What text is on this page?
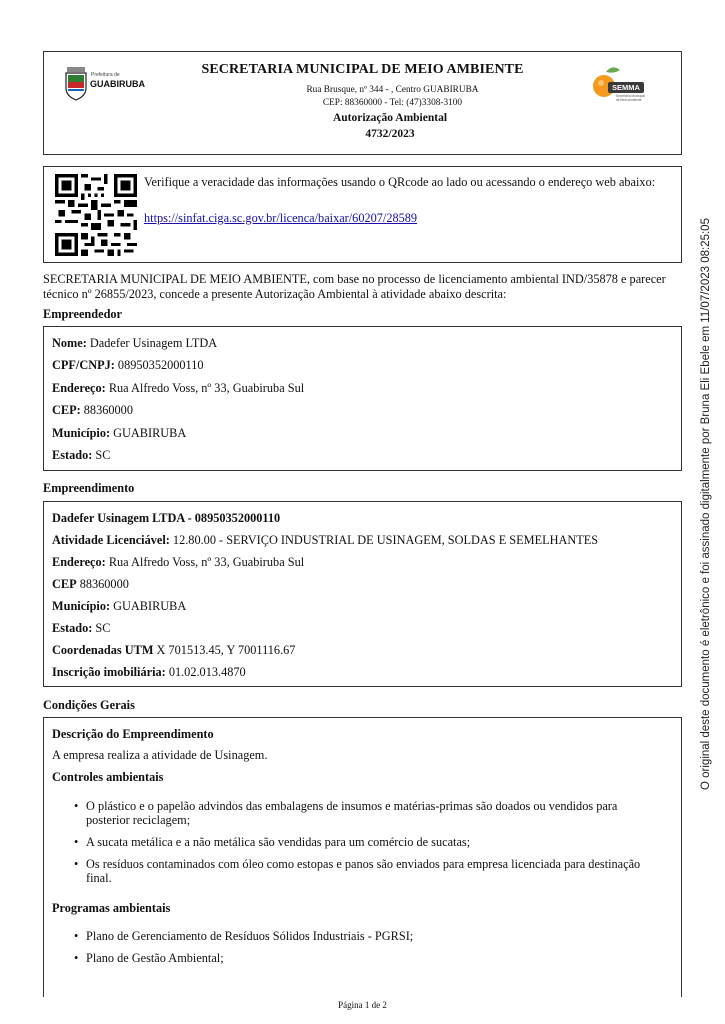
Prefeitura de
GUABIRUBA
SECRETARIA MUNICIPAL DE MEIO AMBIENTE
Rua Brusque, nº 344 - , Centro GUABIRUBA
CEP: 88360000 - Tel: (47)3308-3100
Autorização Ambiental
4732/2023
SEMMA
Secretaria Municipal de Meio Ambiente
Verifique a veracidade das informações usando o QRcode ao lado ou acessando o endereço web abaixo:
https://sinfat.ciga.sc.gov.br/licenca/baixar/60207/28589
SECRETARIA MUNICIPAL DE MEIO AMBIENTE, com base no processo de licenciamento ambiental IND/35878 e parecer técnico nº 26855/2023, concede a presente Autorização Ambiental à atividade abaixo descrita:
Empreendedor
Nome: Dadefer Usinagem LTDA
CPF/CNPJ: 08950352000110
Endereço: Rua Alfredo Voss, nº 33, Guabiruba Sul
CEP: 88360000
Município: GUABIRUBA
Estado: SC
Empreendimento
Dadefer Usinagem LTDA - 08950352000110
Atividade Licenciável: 12.80.00 - SERVIÇO INDUSTRIAL DE USINAGEM, SOLDAS E SEMELHANTES
Endereço: Rua Alfredo Voss, nº 33, Guabiruba Sul
CEP 88360000
Município: GUABIRUBA
Estado: SC
Coordenadas UTM X 701513.45, Y 7001116.67
Inscrição imobiliária: 01.02.013.4870
Condições Gerais
Descrição do Empreendimento
A empresa realiza a atividade de Usinagem.
Controles ambientais
• O plástico e o papelão advindos das embalagens de insumos e matérias-primas são doados ou vendidos para posterior reciclagem;
• A sucata metálica e a não metálica são vendidas para um comércio de sucatas;
• Os resíduos contaminados com óleo como estopas e panos são enviados para empresa licenciada para destinação final.
Programas ambientais
• Plano de Gerenciamento de Resíduos Sólidos Industriais - PGRSI;
• Plano de Gestão Ambiental;
O original deste documento é eletrônico e foi assinado digitalmente por Bruna Eli Ebele em 11/07/2023 08:25:05
Página 1 de 2
